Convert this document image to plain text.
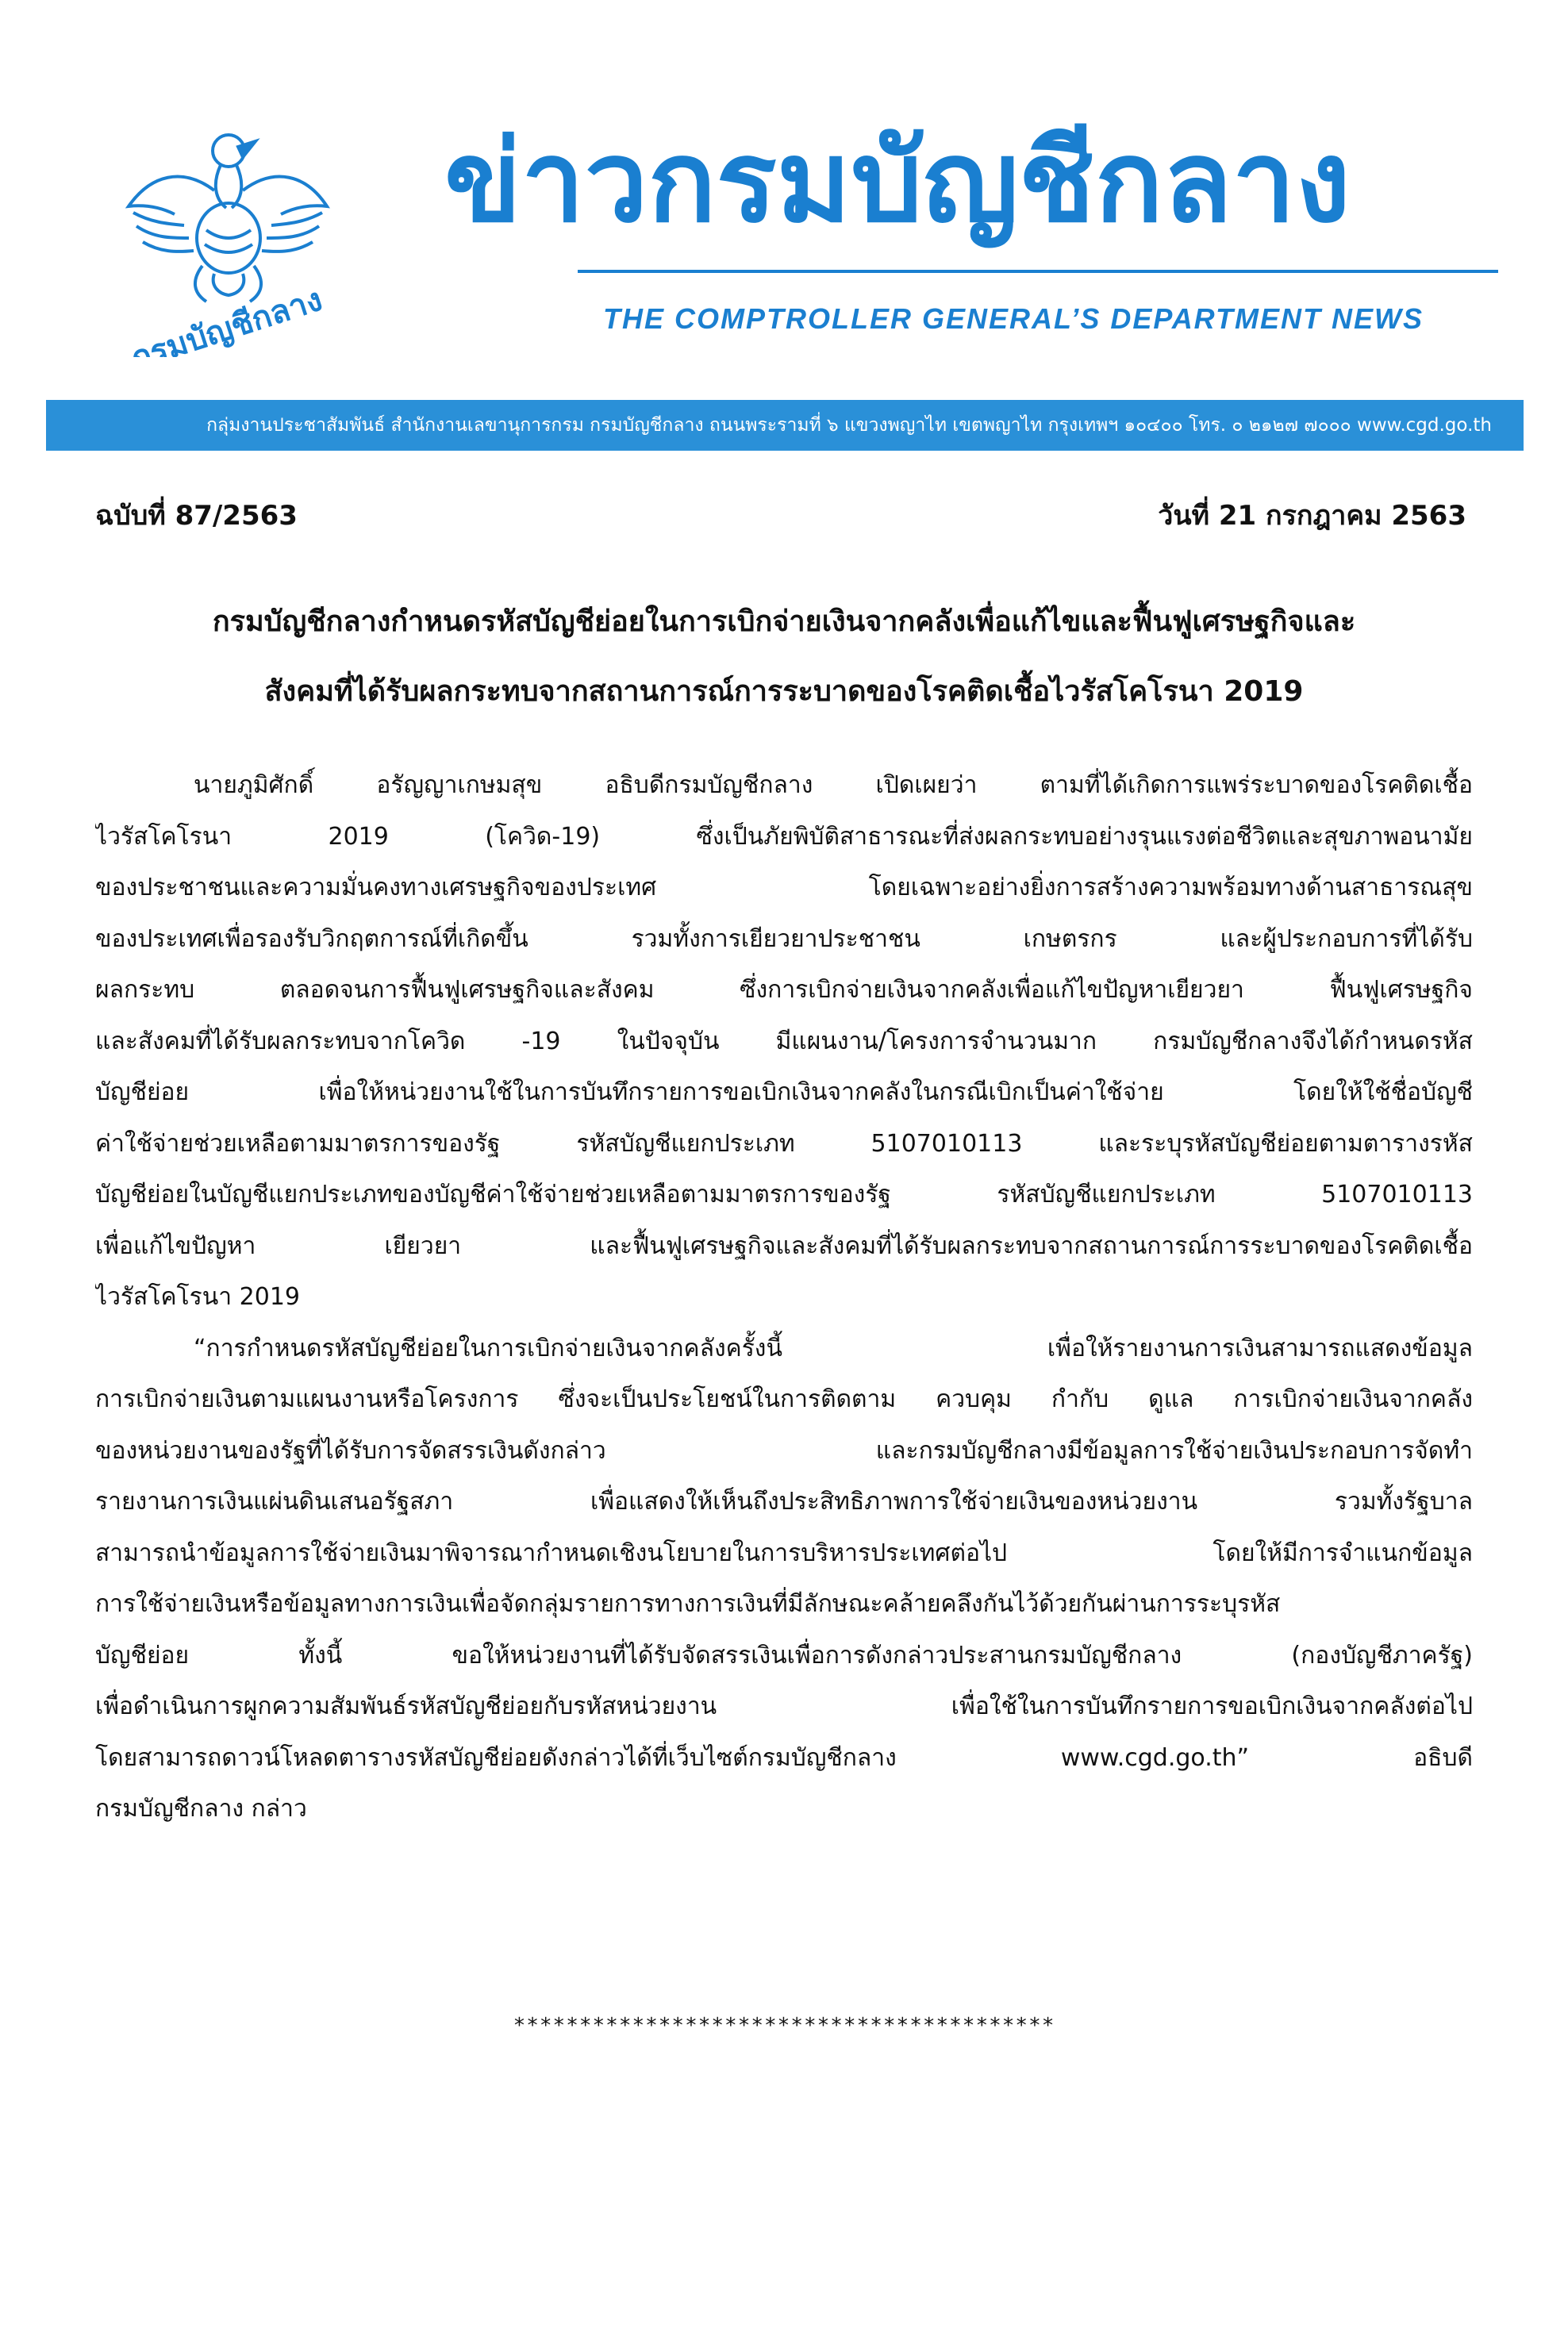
กรมบัญชีกลาง
ข่าวกรมบัญชีกลาง
THE COMPTROLLER GENERAL’S DEPARTMENT NEWS
กลุ่มงานประชาสัมพันธ์ สำนักงานเลขานุการกรม กรมบัญชีกลาง ถนนพระรามที่ ๖ แขวงพญาไท เขตพญาไท กรุงเทพฯ ๑๐๔๐๐ โทร. ๐ ๒๑๒๗ ๗๐๐๐ www.cgd.go.th
ฉบับที่ 87/2563	วันที่ 21 กรกฎาคม 2563
กรมบัญชีกลางกำหนดรหัสบัญชีย่อยในการเบิกจ่ายเงินจากคลังเพื่อแก้ไขและฟื้นฟูเศรษฐกิจและ
สังคมที่ได้รับผลกระทบจากสถานการณ์การระบาดของโรคติดเชื้อไวรัสโคโรนา 2019
นายภูมิศักดิ์ อรัญญาเกษมสุข อธิบดีกรมบัญชีกลาง เปิดเผยว่า ตามที่ได้เกิดการแพร่ระบาดของโรคติดเชื้อ
ไวรัสโคโรนา 2019 (โควิด-19) ซึ่งเป็นภัยพิบัติสาธารณะที่ส่งผลกระทบอย่างรุนแรงต่อชีวิตและสุขภาพอนามัย
ของประชาชนและความมั่นคงทางเศรษฐกิจของประเทศ โดยเฉพาะอย่างยิ่งการสร้างความพร้อมทางด้านสาธารณสุข
ของประเทศเพื่อรองรับวิกฤตการณ์ที่เกิดขึ้น รวมทั้งการเยียวยาประชาชน เกษตรกร และผู้ประกอบการที่ได้รับ
ผลกระทบ ตลอดจนการฟื้นฟูเศรษฐกิจและสังคม ซึ่งการเบิกจ่ายเงินจากคลังเพื่อแก้ไขปัญหาเยียวยา ฟื้นฟูเศรษฐกิจ
และสังคมที่ได้รับผลกระทบจากโควิด -19 ในปัจจุบัน มีแผนงาน/โครงการจำนวนมาก กรมบัญชีกลางจึงได้กำหนดรหัส
บัญชีย่อย เพื่อให้หน่วยงานใช้ในการบันทึกรายการขอเบิกเงินจากคลังในกรณีเบิกเป็นค่าใช้จ่าย โดยให้ใช้ชื่อบัญชี
ค่าใช้จ่ายช่วยเหลือตามมาตรการของรัฐ รหัสบัญชีแยกประเภท 5107010113 และระบุรหัสบัญชีย่อยตามตารางรหัส
บัญชีย่อยในบัญชีแยกประเภทของบัญชีค่าใช้จ่ายช่วยเหลือตามมาตรการของรัฐ รหัสบัญชีแยกประเภท 5107010113
เพื่อแก้ไขปัญหา เยียวยา และฟื้นฟูเศรษฐกิจและสังคมที่ได้รับผลกระทบจากสถานการณ์การระบาดของโรคติดเชื้อ
ไวรัสโคโรนา 2019
“การกำหนดรหัสบัญชีย่อยในการเบิกจ่ายเงินจากคลังครั้งนี้ เพื่อให้รายงานการเงินสามารถแสดงข้อมูล
การเบิกจ่ายเงินตามแผนงานหรือโครงการ ซึ่งจะเป็นประโยชน์ในการติดตาม ควบคุม กำกับ ดูแล การเบิกจ่ายเงินจากคลัง
ของหน่วยงานของรัฐที่ได้รับการจัดสรรเงินดังกล่าว และกรมบัญชีกลางมีข้อมูลการใช้จ่ายเงินประกอบการจัดทำ
รายงานการเงินแผ่นดินเสนอรัฐสภา เพื่อแสดงให้เห็นถึงประสิทธิภาพการใช้จ่ายเงินของหน่วยงาน รวมทั้งรัฐบาล
สามารถนำข้อมูลการใช้จ่ายเงินมาพิจารณากำหนดเชิงนโยบายในการบริหารประเทศต่อไป โดยให้มีการจำแนกข้อมูล
การใช้จ่ายเงินหรือข้อมูลทางการเงินเพื่อจัดกลุ่มรายการทางการเงินที่มีลักษณะคล้ายคลึงกันไว้ด้วยกันผ่านการระบุรหัส
บัญชีย่อย ทั้งนี้ ขอให้หน่วยงานที่ได้รับจัดสรรเงินเพื่อการดังกล่าวประสานกรมบัญชีกลาง (กองบัญชีภาครัฐ)
เพื่อดำเนินการผูกความสัมพันธ์รหัสบัญชีย่อยกับรหัสหน่วยงาน เพื่อใช้ในการบันทึกรายการขอเบิกเงินจากคลังต่อไป
โดยสามารถดาวน์โหลดตารางรหัสบัญชีย่อยดังกล่าวได้ที่เว็บไซต์กรมบัญชีกลาง www.cgd.go.th” อธิบดี
กรมบัญชีกลาง กล่าว
*****************************************
